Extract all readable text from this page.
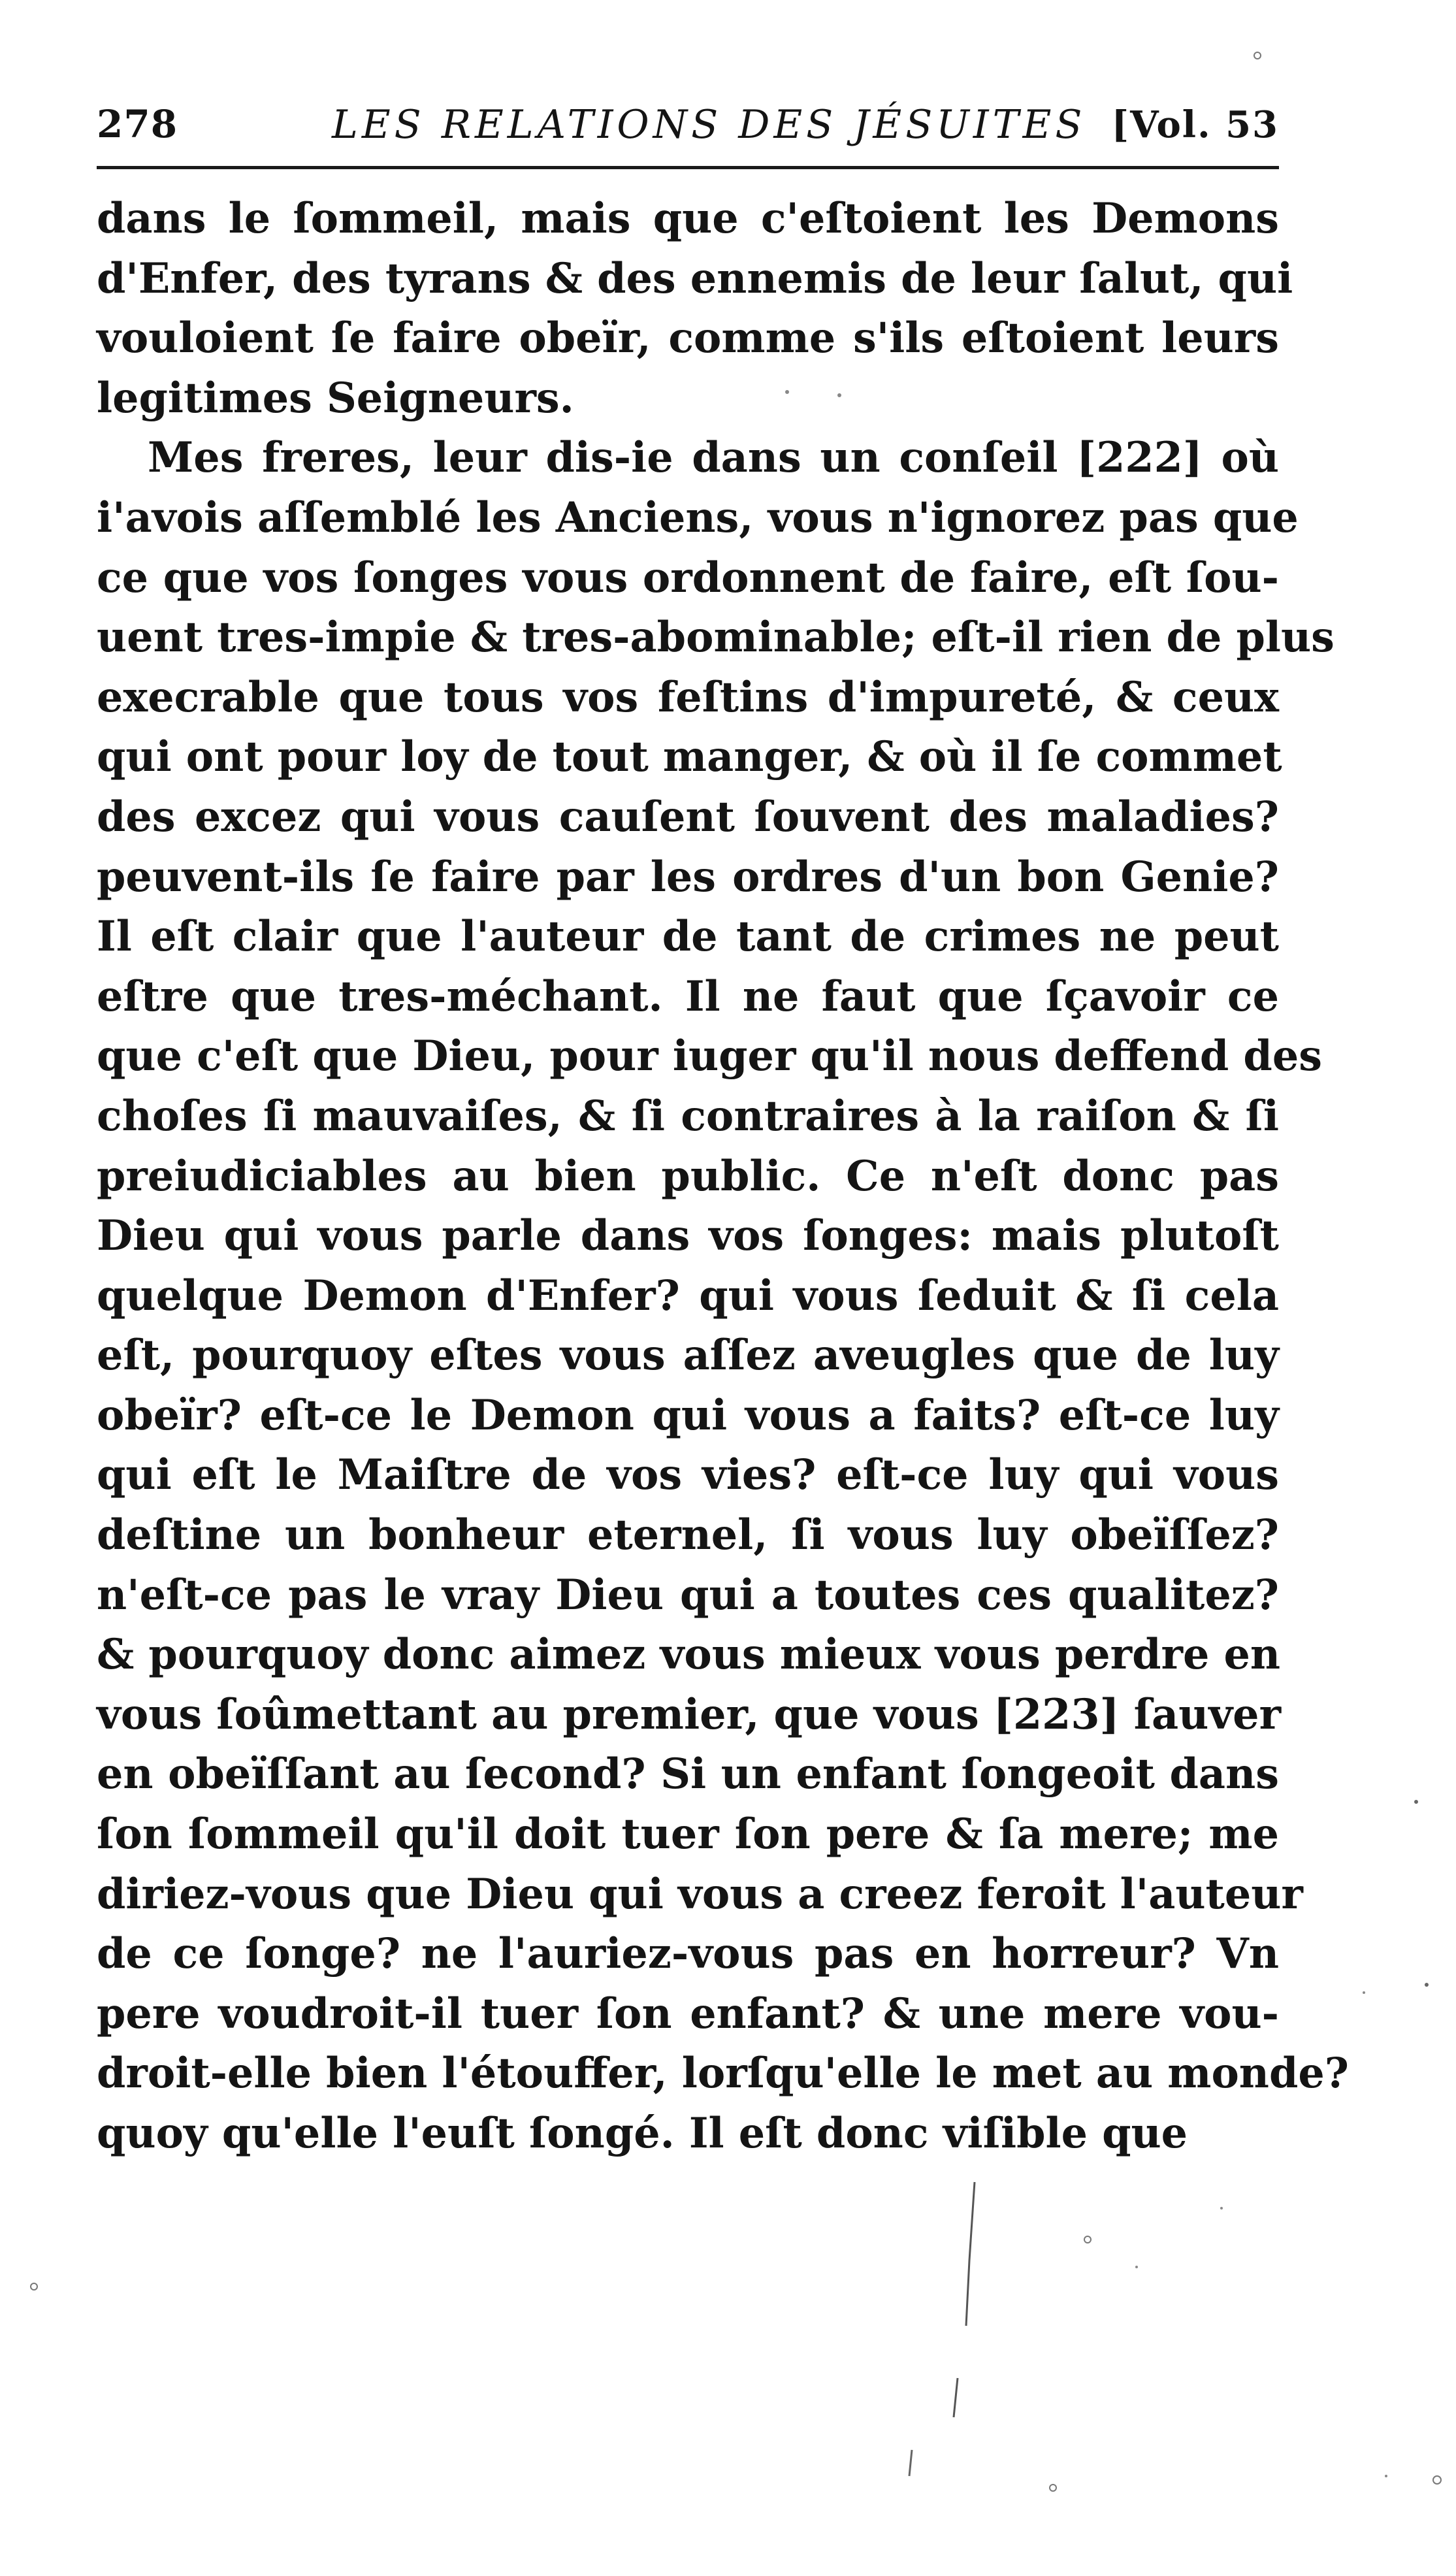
278	LES RELATIONS DES JÉSUITES [Vol. 53
dans le ſommeil, mais que c'eſtoient les Demons
d'Enfer, des tyrans & des ennemis de leur ſalut, qui
vouloient ſe faire obeïr, comme s'ils eſtoient leurs
legitimes Seigneurs.
Mes freres, leur dis-ie dans un conſeil [222] où
i'avois aſſemblé les Anciens, vous n'ignorez pas que
ce que vos ſonges vous ordonnent de faire, eſt ſou-
uent tres-impie & tres-abominable; eſt-il rien de plus
execrable que tous vos feſtins d'impureté, & ceux
qui ont pour loy de tout manger, & où il ſe commet
des excez qui vous cauſent ſouvent des maladies?
peuvent-ils ſe faire par les ordres d'un bon Genie?
Il eſt clair que l'auteur de tant de crimes ne peut
eſtre que tres-méchant. Il ne faut que ſçavoir ce
que c'eſt que Dieu, pour iuger qu'il nous deffend des
choſes ſi mauvaiſes, & ſi contraires à la raiſon & ſi
preiudiciables au bien public. Ce n'eſt donc pas
Dieu qui vous parle dans vos ſonges: mais plutoſt
quelque Demon d'Enfer? qui vous ſeduit & ſi cela
eſt, pourquoy eſtes vous aſſez aveugles que de luy
obeïr? eſt-ce le Demon qui vous a faits? eſt-ce luy
qui eſt le Maiſtre de vos vies? eſt-ce luy qui vous
deſtine un bonheur eternel, ſi vous luy obeïſſez?
n'eſt-ce pas le vray Dieu qui a toutes ces qualitez?
& pourquoy donc aimez vous mieux vous perdre en
vous ſoûmettant au premier, que vous [223] ſauver
en obeïſſant au ſecond? Si un enfant ſongeoit dans
ſon ſommeil qu'il doit tuer ſon pere & ſa mere; me
diriez-vous que Dieu qui vous a creez feroit l'auteur
de ce ſonge? ne l'auriez-vous pas en horreur? Vn
pere voudroit-il tuer ſon enfant? & une mere vou-
droit-elle bien l'étouffer, lorſqu'elle le met au monde?
quoy qu'elle l'euſt ſongé. Il eſt donc viſible que
